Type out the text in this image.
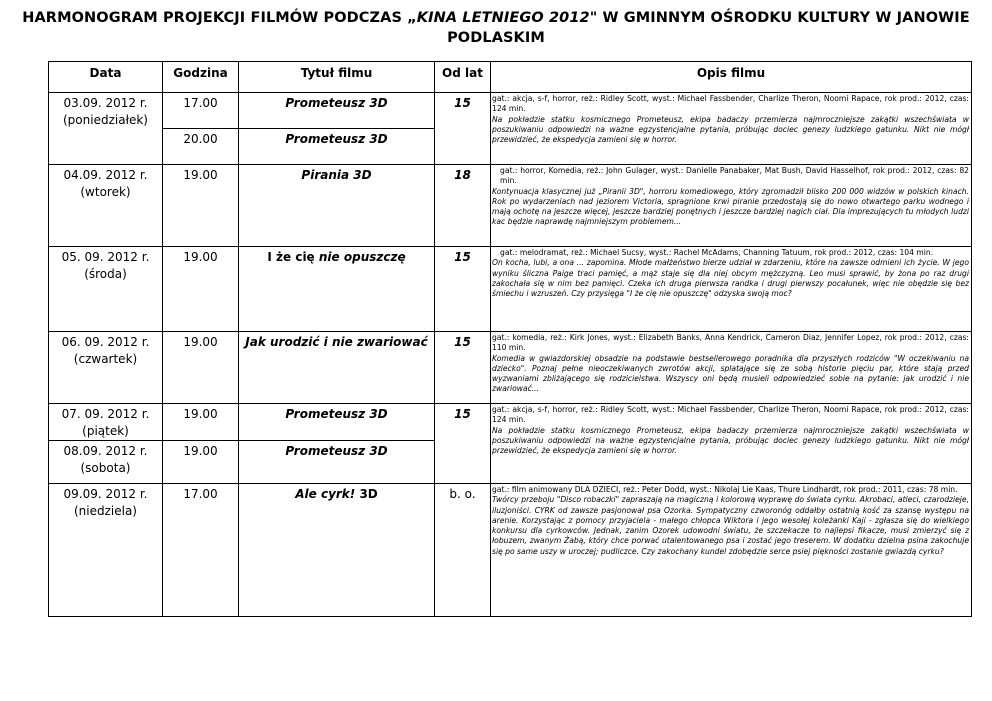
HARMONOGRAM PROJEKCJI FILMÓW PODCZAS „KINA LETNIEGO 2012" W GMINNYM OŚRODKU KULTURY W JANOWIE PODLASKIM
Data	Godzina	Tytuł filmu	Od lat	Opis filmu
03.09. 2012 r.
(poniedziałek)	17.00	Prometeusz 3D	15	gat.: akcja, s-f, horror, reż.: Ridley Scott, wyst.: Michael Fassbender, Charlize Theron, Noomi Rapace, rok prod.: 2012, czas: 124 min.
Na pokładzie statku kosmicznego Prometeusz, ekipa badaczy przemierza najmroczniejsze zakątki wszechświata w poszukiwaniu odpowiedzi na ważne egzystencjalne pytania, próbując dociec genezy ludzkiego gatunku. Nikt nie mógł przewidzieć, że ekspedycja zamieni się w horror.

	20.00	Prometeusz 3D		
04.09. 2012 r.
(wtorek)	19.00	Pirania 3D	18	gat.: horror, Komedia, reż.: John Gulager, wyst.: Danielle Panabaker, Mat Bush, David Hasselhof, rok prod.: 2012, czas: 82 min.
Kontynuacja klasycznej już „Piranii 3D", horroru komediowego, który zgromadził blisko 200 000 widzów w polskich kinach. Rok po wydarzeniach nad jeziorem Victoria, spragnione krwi piranie przedostają się do nowo otwartego parku wodnego i mają ochotę na jeszcze więcej, jeszcze bardziej ponętnych i jeszcze bardziej nagich ciał. Dla imprezujących tu młodych ludzi kac będzie naprawdę najmniejszym problemem...

05. 09. 2012 r.
(środa)	19.00	I że cię nie opuszczę	15	gat.: melodramat, reż.: Michael Sucsy, wyst.: Rachel McAdams, Channing Tatuum, rok prod.: 2012, czas: 104 min.
On kocha, lubi, a ona ... zapomina. Młode małżeństwo bierze udział w zdarzeniu, które na zawsze odmieni ich życie. W jego wyniku śliczna Paige traci pamięć, a mąż staje się dla niej obcym mężczyzną. Leo musi sprawić, by żona po raz drugi zakochała się w nim bez pamięci. Czeka ich druga pierwsza randka i drugi pierwszy pocałunek, więc nie obędzie się bez śmiechu i wzruszeń. Czy przysięga "I że cię nie opuszczę" odzyska swoją moc?

06. 09. 2012 r.
(czwartek)	19.00	Jak urodzić i nie zwariować	15	gat.: komedia, reż.: Kirk Jones, wyst.: Elizabeth Banks, Anna Kendrick, Cameron Diaz, Jennifer Lopez, rok prod.: 2012, czas: 110 min.
Komedia w gwiazdorskiej obsadzie na podstawie bestsellerowego poradnika dla przyszłych rodziców "W oczekiwaniu na dziecko". Poznaj pełne nieoczekiwanych zwrotów akcji, splatające się ze sobą historie pięciu par, które stają przed wyzwaniami zbliżającego się rodzicielstwa. Wszyscy oni będą musieli odpowiedzieć sobie na pytanie: jak urodzić i nie zwariować...

07. 09. 2012 r.
(piątek)	19.00	Prometeusz 3D	15	gat.: akcja, s-f, horror, reż.: Ridley Scott, wyst.: Michael Fassbender, Charlize Theron, Noomi Rapace, rok prod.: 2012, czas: 124 min.
Na pokładzie statku kosmicznego Prometeusz, ekipa badaczy przemierza najmroczniejsze zakątki wszechświata w poszukiwaniu odpowiedzi na ważne egzystencjalne pytania, próbując dociec genezy ludzkiego gatunku. Nikt nie mógł przewidzieć, że ekspedycja zamieni się w horror.

08.09. 2012 r.
(sobota)	19.00	Prometeusz 3D		
09.09. 2012 r.
(niedziela)	17.00	Ale cyrk! 3D	b. o.	gat.: film animowany DLA DZIECI, reż.: Peter Dodd, wyst.: Nikolaj Lie Kaas, Thure Lindhardt, rok prod.: 2011, czas: 78 min.
Twórcy przeboju "Disco robaczki" zapraszają na magiczną i kolorową wyprawę do świata cyrku. Akrobaci, atleci, czarodzieje, iluzjoniści. CYRK od zawsze pasjonował psa Ozorka. Sympatyczny czworonóg oddałby ostatnią kość za szansę występu na arenie. Korzystając z pomocy przyjaciela - małego chłopca Wiktora i jego wesołej koleżanki Kaji - zgłasza się do wielkiego konkursu dla cyrkowców. Jednak, zanim Ozorek udowodni światu, że szczekacze to najlepsi fikacze, musi zmierzyć się z łobuzem, zwanym Żabą, który chce porwać utalentowanego psa i zostać jego treserem. W dodatku dzielna psina zakochuje się po same uszy w uroczej; pudliczce. Czy zakochany kundel zdobędzie serce psiej piękności zostanie gwiazdą cyrku?
